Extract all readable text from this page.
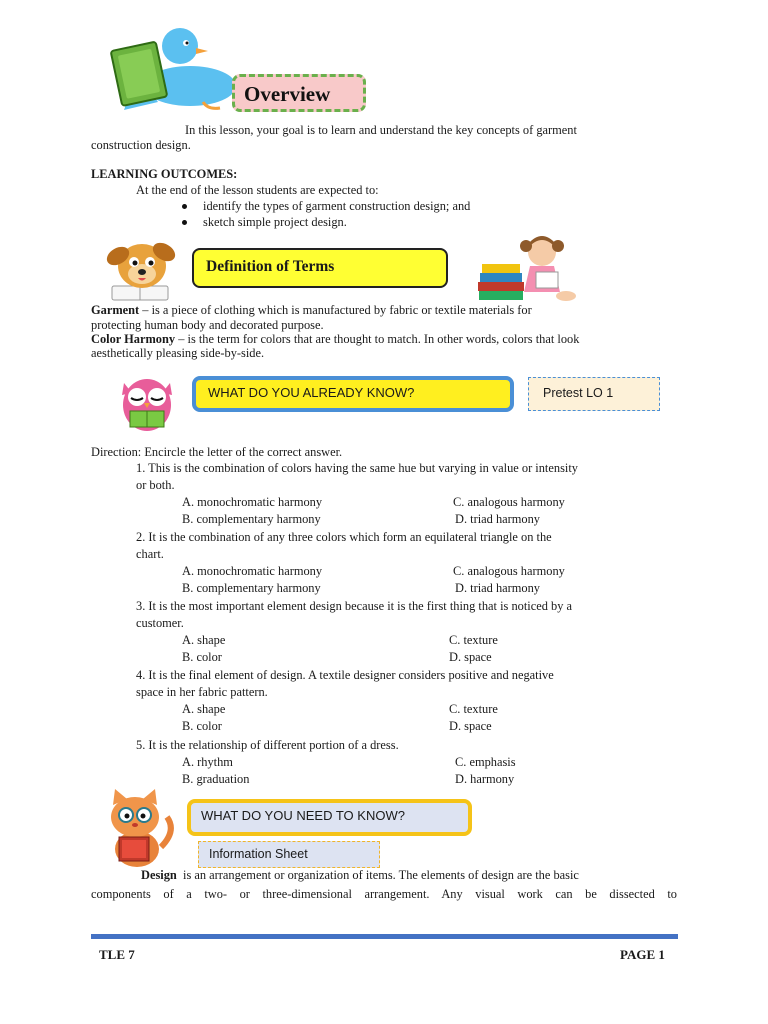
Overview
In this lesson, your goal is to learn and understand the key concepts of garment
construction design.
LEARNING OUTCOMES:
At the end of the lesson students are expected to:
identify the types of garment construction design; and
sketch simple project design.
Definition of Terms
Garment – is a piece of clothing which is manufactured by fabric or textile materials for
protecting human body and decorated purpose.
Color Harmony – is the term for colors that are thought to match. In other words, colors that look
aesthetically pleasing side-by-side.
WHAT DO YOU ALREADY KNOW?	Pretest LO 1
Direction: Encircle the letter of the correct answer.
1. This is the combination of colors having the same hue but varying in value or intensity
or both.
A. monochromatic harmony	C. analogous harmony
B. complementary harmony	D. triad harmony
2. It is the combination of any three colors which form an equilateral triangle on the
chart.
A. monochromatic harmony	C. analogous harmony
B. complementary harmony	D. triad harmony
3. It is the most important element design because it is the first thing that is noticed by a
customer.
A. shape	C. texture
B. color	D. space
4. It is the final element of design. A textile designer considers positive and negative
space in her fabric pattern.
A. shape	C. texture
B. color	D. space
5. It is the relationship of different portion of a dress.
A. rhythm	C. emphasis
B. graduation	D. harmony
WHAT DO YOU NEED TO KNOW?
Information Sheet
Design is an arrangement or organization of items. The elements of design are the basic
components of a two- or three-dimensional arrangement. Any visual work can be dissected to
TLE 7	PAGE 1
